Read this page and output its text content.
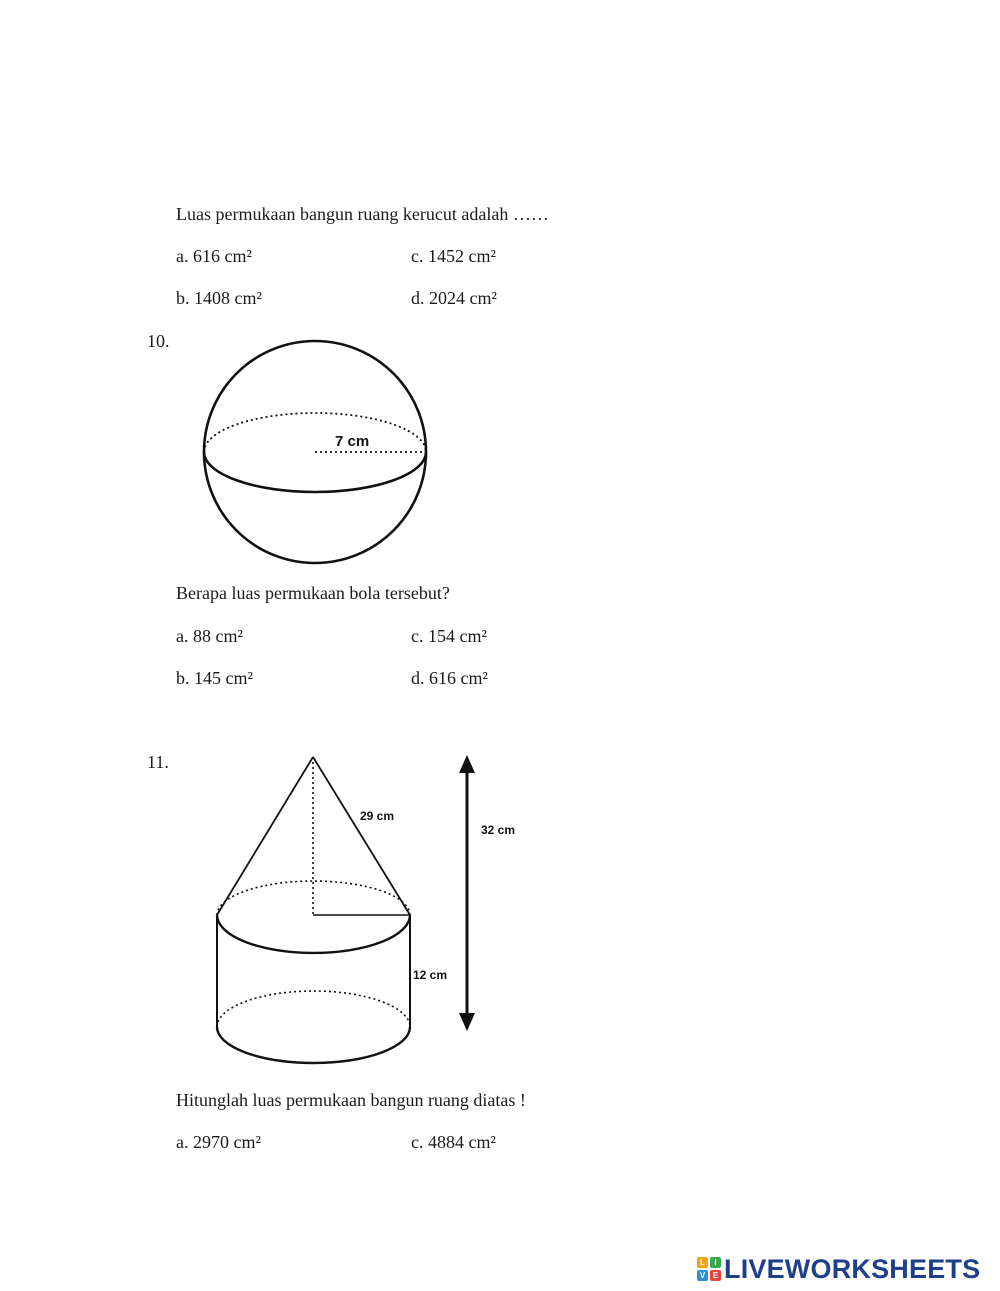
Luas permukaan bangun ruang kerucut adalah ……
a. 616 cm²	c. 1452 cm²
b. 1408 cm²	d. 2024 cm²
10.
7 cm
Berapa luas permukaan bola tersebut?
a. 88 cm²	c. 154 cm²
b. 145 cm²	d. 616 cm²
11.
29 cm
12 cm
32 cm
Hitunglah luas permukaan bangun ruang diatas !
a. 2970 cm²	c. 4884 cm²
L	I
V E LIVEWORKSHEETS
